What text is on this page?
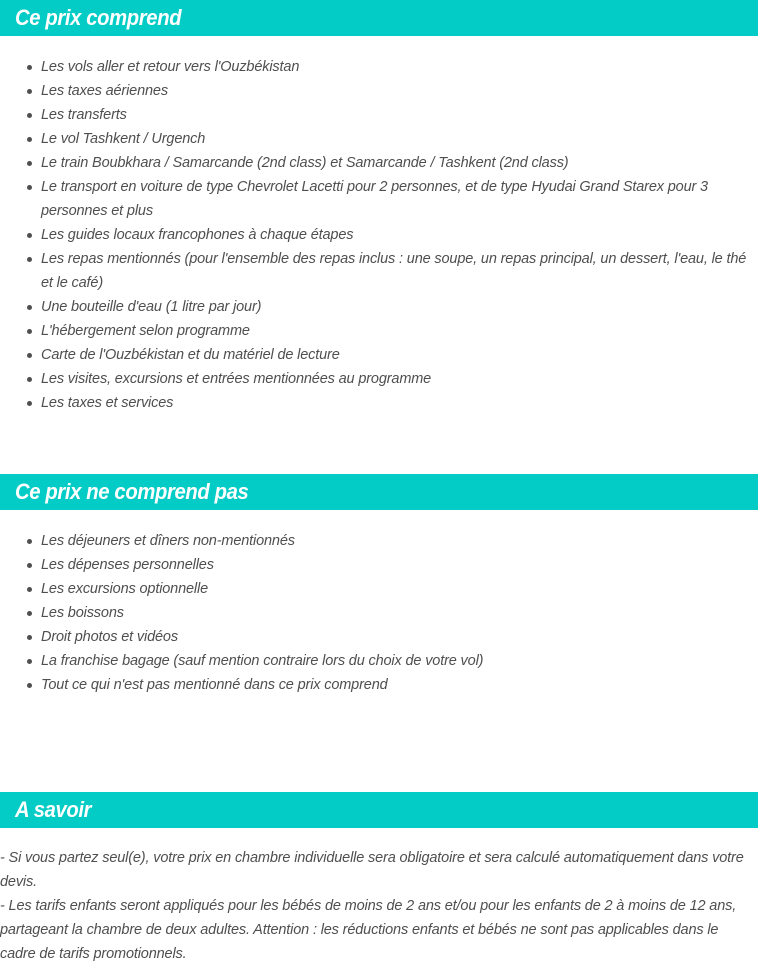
Ce prix comprend
Les vols aller et retour vers l'Ouzbékistan
Les taxes aériennes
Les transferts
Le vol Tashkent / Urgench
Le train Boubkhara / Samarcande (2nd class) et Samarcande / Tashkent (2nd class)
Le transport en voiture de type Chevrolet Lacetti pour 2 personnes, et de type Hyudai Grand Starex pour 3 personnes et plus
Les guides locaux francophones à chaque étapes
Les repas mentionnés (pour l'ensemble des repas inclus : une soupe, un repas principal, un dessert, l'eau, le thé et le café)
Une bouteille d'eau (1 litre par jour)
L'hébergement selon programme
Carte de l'Ouzbékistan et du matériel de lecture
Les visites, excursions et entrées mentionnées au programme
Les taxes et services
Ce prix ne comprend pas
Les déjeuners et dîners non-mentionnés
Les dépenses personnelles
Les excursions optionnelle
Les boissons
Droit photos et vidéos
La franchise bagage (sauf mention contraire lors du choix de votre vol)
Tout ce qui n'est pas mentionné dans ce prix comprend
A savoir

- Si vous partez seul(e), votre prix en chambre individuelle sera obligatoire et sera calculé automatiquement dans votre devis.

- Les tarifs enfants seront appliqués pour les bébés de moins de 2 ans et/ou pour les enfants de 2 à moins de 12 ans, partageant la chambre de deux adultes. Attention : les réductions enfants et bébés ne sont pas applicables dans le cadre de tarifs promotionnels.
